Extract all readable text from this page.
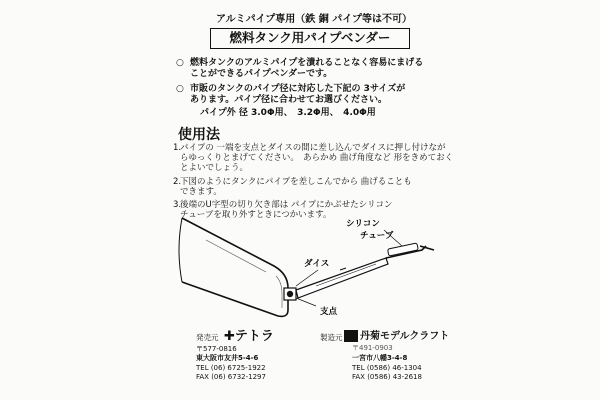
アルミパイプ専用（鉄 銅 パイプ等は不可）
燃料タンク用パイプベンダー
○ 燃料タンクのアルミパイプを潰れることなく容易にまげる
ことができるパイプベンダーです。
○ 市販のタンクのパイプ径に対応した下記の 3サイズが
あります。パイプ径に合わせてお選びください。
パイプ外 径 3.0Φ用、　3.2Φ用、　4.0Φ用
使用法
1.
パイプの 一端を支点とダイスの間に差し込んでダイスに押し付けなが
らゆっくりとまげてください。　あらかめ 曲げ角度など 形をきめておく
とよいでしょう。
2.
下図のようにタンクにパイプを差しこんでから 曲げることも
できます。
3.
後端のU字型の切り欠き部は パイプにかぶせたシリコン
チューブを取り外すときにつかいます。
シリコン
チューブ
ダイス
支点
発売元 ✚テトラ
〒577-0816
東大阪市友井5-4-6
TEL (06) 6725-1922
FAX (06) 6732-1297
製造元 丹菊モデルクラフト
〒491-0903
一宮市八幡3-4-8
TEL (0586) 46-1304
FAX (0586) 43-2618
